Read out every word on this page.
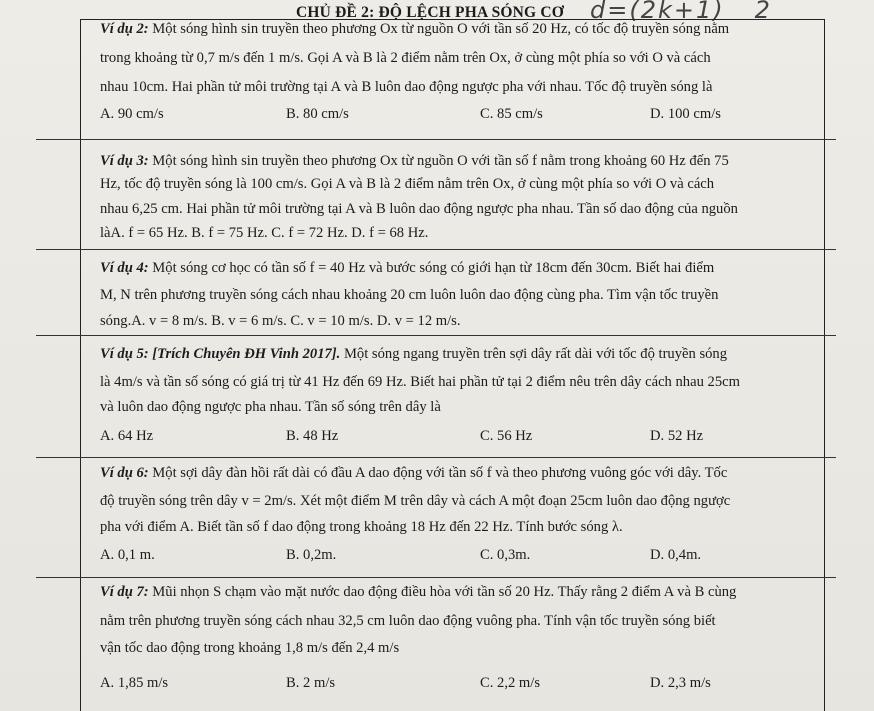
CHỦ ĐỀ 2: ĐỘ LỆCH PHA SÓNG CƠ d=(2k+1) 2
Ví dụ 2: Một sóng hình sin truyền theo phương Ox từ nguồn O với tần số 20 Hz, có tốc độ truyền sóng nằm
trong khoảng từ 0,7 m/s đến 1 m/s. Gọi A và B là 2 điểm nằm trên Ox, ở cùng một phía so với O và cách
nhau 10cm. Hai phần tử môi trường tại A và B luôn dao động ngược pha với nhau. Tốc độ truyền sóng là
A. 90 cm/s	B. 80 cm/s	C. 85 cm/s	D. 100 cm/s
Ví dụ 3: Một sóng hình sin truyền theo phương Ox từ nguồn O với tần số f nằm trong khoảng 60 Hz đến 75
Hz, tốc độ truyền sóng là 100 cm/s. Gọi A và B là 2 điểm nằm trên Ox, ở cùng một phía so với O và cách
nhau 6,25 cm. Hai phần tử môi trường tại A và B luôn dao động ngược pha nhau. Tần số dao động của nguồn
làA. f = 65 Hz. B. f = 75 Hz. C. f = 72 Hz. D. f = 68 Hz.
Ví dụ 4: Một sóng cơ học có tần số f = 40 Hz và bước sóng có giới hạn từ 18cm đến 30cm. Biết hai điểm
M, N trên phương truyền sóng cách nhau khoảng 20 cm luôn luôn dao động cùng pha. Tìm vận tốc truyền
sóng.A. v = 8 m/s. B. v = 6 m/s. C. v = 10 m/s. D. v = 12 m/s.
Ví dụ 5: [Trích Chuyên ĐH Vinh 2017]. Một sóng ngang truyền trên sợi dây rất dài với tốc độ truyền sóng
là 4m/s và tần số sóng có giá trị từ 41 Hz đến 69 Hz. Biết hai phần tử tại 2 điểm nêu trên dây cách nhau 25cm
và luôn dao động ngược pha nhau. Tần số sóng trên dây là
A. 64 Hz	B. 48 Hz	C. 56 Hz	D. 52 Hz
Ví dụ 6: Một sợi dây đàn hồi rất dài có đầu A dao động với tần số f và theo phương vuông góc với dây. Tốc
độ truyền sóng trên dây v = 2m/s. Xét một điểm M trên dây và cách A một đoạn 25cm luôn dao động ngược
pha với điểm A. Biết tần số f dao động trong khoảng 18 Hz đến 22 Hz. Tính bước sóng λ.
A. 0,1 m.	B. 0,2m.	C. 0,3m.	D. 0,4m.
Ví dụ 7: Mũi nhọn S chạm vào mặt nước dao động điều hòa với tần số 20 Hz. Thấy rằng 2 điểm A và B cùng
nằm trên phương truyền sóng cách nhau 32,5 cm luôn dao động vuông pha. Tính vận tốc truyền sóng biết
vận tốc dao động trong khoảng 1,8 m/s đến 2,4 m/s
A. 1,85 m/s	B. 2 m/s	C. 2,2 m/s	D. 2,3 m/s
